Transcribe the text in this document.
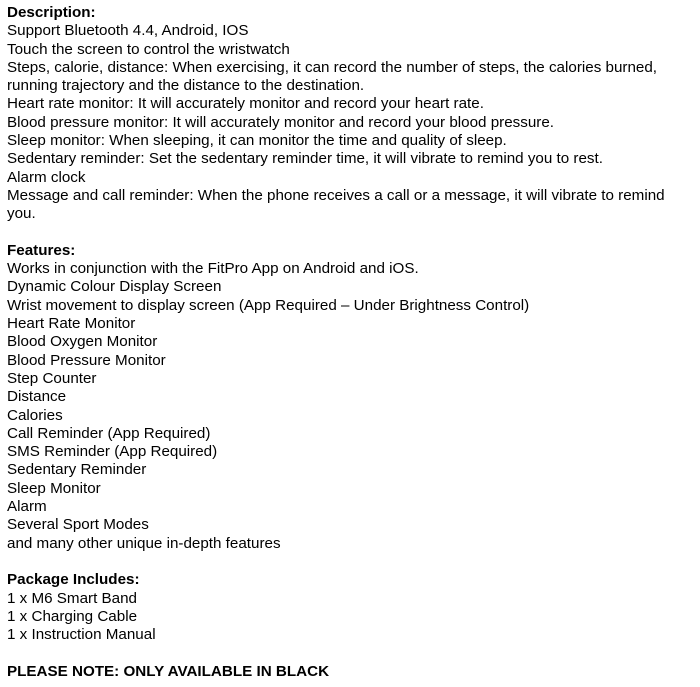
Description:

Support Bluetooth 4.4, Android, IOS

Touch the screen to control the wristwatch

Steps, calorie, distance: When exercising, it can record the number of steps, the calories burned,

running trajectory and the distance to the destination.

Heart rate monitor: It will accurately monitor and record your heart rate.

Blood pressure monitor: It will accurately monitor and record your blood pressure.

Sleep monitor: When sleeping, it can monitor the time and quality of sleep.

Sedentary reminder: Set the sedentary reminder time, it will vibrate to remind you to rest.

Alarm clock

Message and call reminder: When the phone receives a call or a message, it will vibrate to remind

you.

Features:

Works in conjunction with the FitPro App on Android and iOS.

Dynamic Colour Display Screen

Wrist movement to display screen (App Required – Under Brightness Control)

Heart Rate Monitor

Blood Oxygen Monitor

Blood Pressure Monitor

Step Counter

Distance

Calories

Call Reminder (App Required)

SMS Reminder (App Required)

Sedentary Reminder

Sleep Monitor

Alarm

Several Sport Modes

and many other unique in-depth features

Package Includes:

1 x M6 Smart Band

1 x Charging Cable

1 x Instruction Manual

PLEASE NOTE: ONLY AVAILABLE IN BLACK
